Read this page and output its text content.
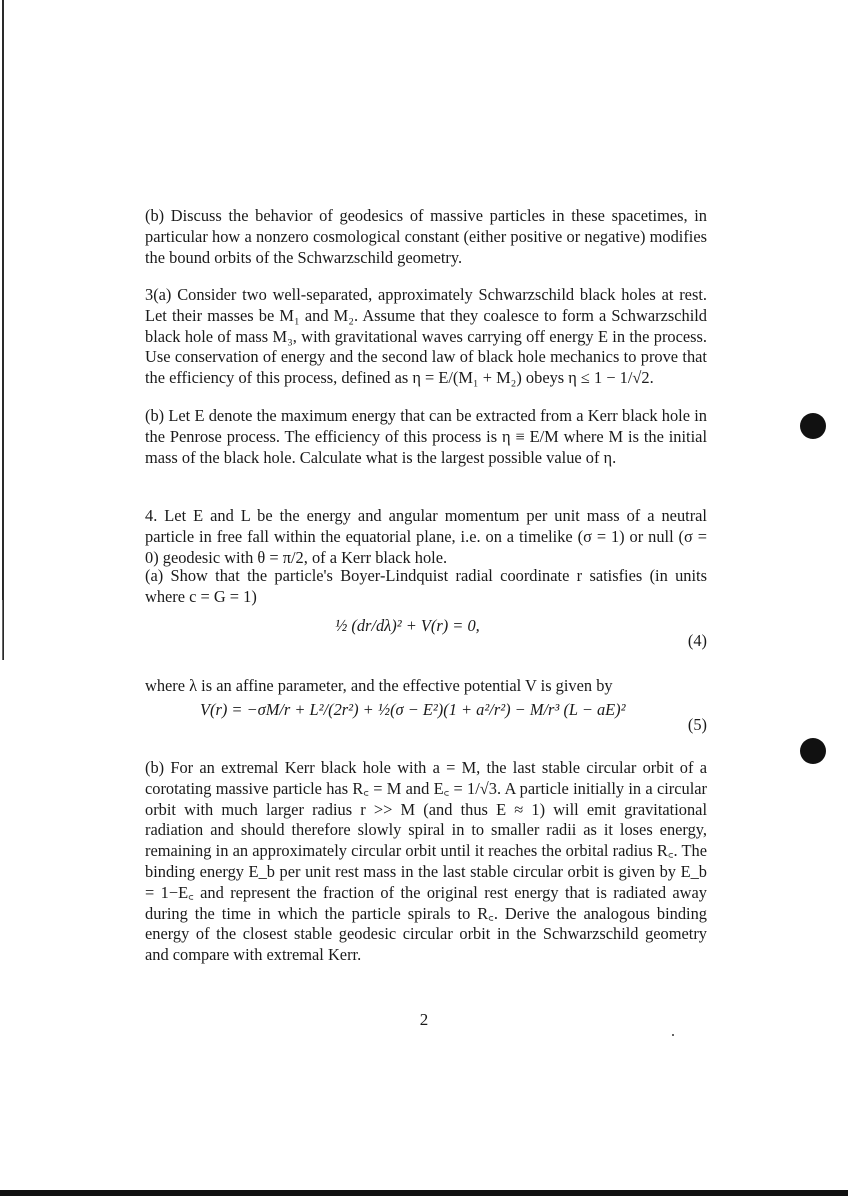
(b) Discuss the behavior of geodesics of massive particles in these spacetimes, in particular how a nonzero cosmological constant (either positive or negative) modifies the bound orbits of the Schwarzschild geometry.

3(a) Consider two well-separated, approximately Schwarzschild black holes at rest. Let their masses be M₁ and M₂. Assume that they coalesce to form a Schwarzschild black hole of mass M₃, with gravitational waves carrying off energy E in the process. Use conservation of energy and the second law of black hole mechanics to prove that the efficiency of this process, defined as η = E/(M₁ + M₂) obeys η ≤ 1 − 1/√2.

(b) Let E denote the maximum energy that can be extracted from a Kerr black hole in the Penrose process. The efficiency of this process is η ≡ E/M where M is the initial mass of the black hole. Calculate what is the largest possible value of η.

4. Let E and L be the energy and angular momentum per unit mass of a neutral particle in free fall within the equatorial plane, i.e. on a timelike (σ = 1) or null (σ = 0) geodesic with θ = π/2, of a Kerr black hole.

(a) Show that the particle's Boyer-Lindquist radial coordinate r satisfies (in units where c = G = 1)

½ (dr/dλ)² + V(r) = 0,
(4)

where λ is an affine parameter, and the effective potential V is given by

V(r) = −σM/r + L²/(2r²) + ½(σ − E²)(1 + a²/r²) − M/r³ (L − aE)²
(5)

(b) For an extremal Kerr black hole with a = M, the last stable circular orbit of a corotating massive particle has R꜀ = M and E꜀ = 1/√3. A particle initially in a circular orbit with much larger radius r >> M (and thus E ≈ 1) will emit gravitational radiation and should therefore slowly spiral in to smaller radii as it loses energy, remaining in an approximately circular orbit until it reaches the orbital radius R꜀. The binding energy E_b per unit rest mass in the last stable circular orbit is given by E_b = 1−E꜀ and represent the fraction of the original rest energy that is radiated away during the time in which the particle spirals to R꜀. Derive the analogous binding energy of the closest stable geodesic circular orbit in the Schwarzschild geometry and compare with extremal Kerr.

2
